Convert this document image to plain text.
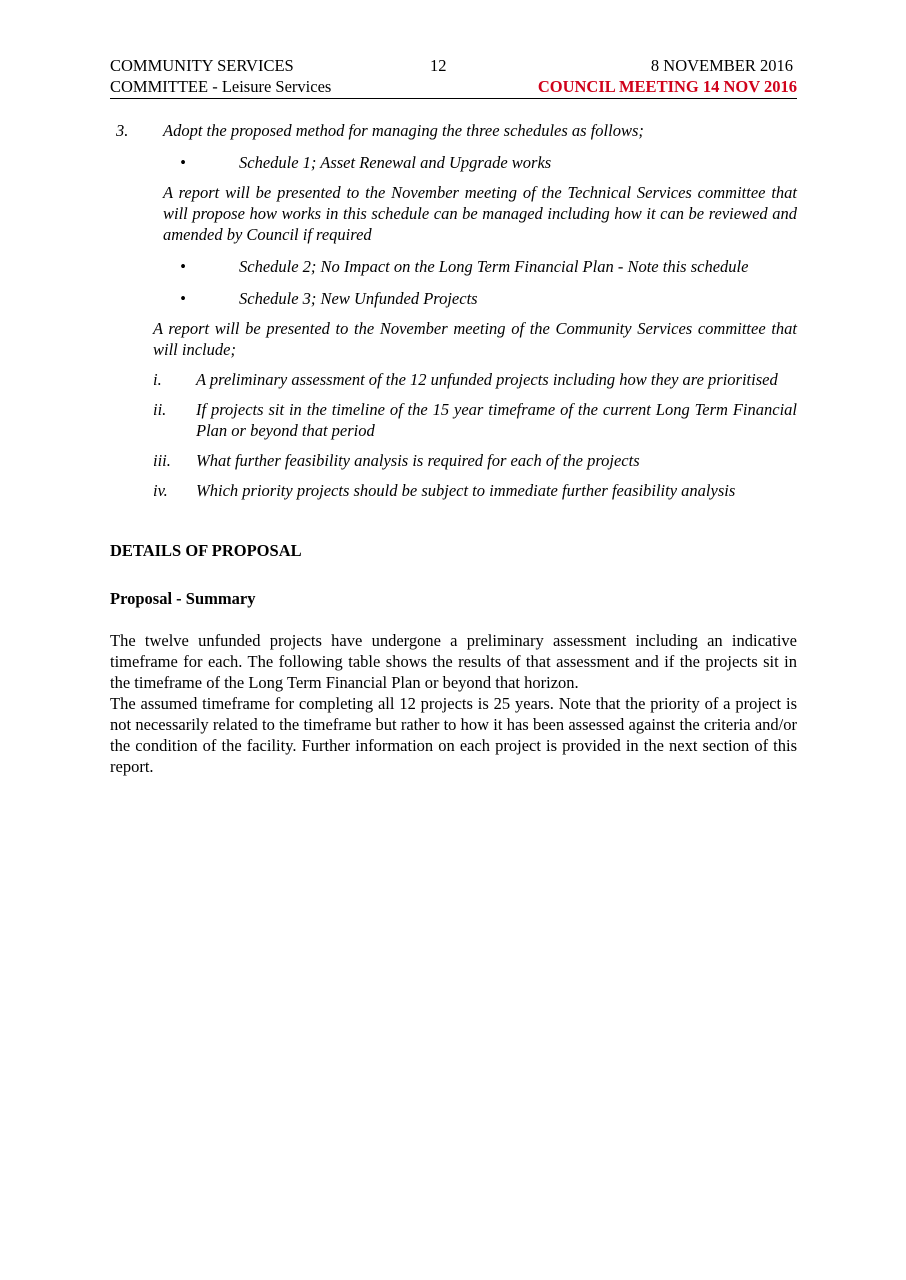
COMMUNITY SERVICES
COMMITTEE - Leisure Services
12	8 NOVEMBER 2016
COUNCIL MEETING 14 NOV 2016
3. Adopt the proposed method for managing the three schedules as follows;
•	Schedule 1; Asset Renewal and Upgrade works
A report will be presented to the November meeting of the Technical Services committee that will propose how works in this schedule can be managed including how it can be reviewed and amended by Council if required
•	Schedule 2; No Impact on the Long Term Financial Plan - Note this schedule
•	Schedule 3; New Unfunded Projects
A report will be presented to the November meeting of the Community Services committee that will include;
i. A preliminary assessment of the 12 unfunded projects including how they are prioritised
ii. If projects sit in the timeline of the 15 year timeframe of the current Long Term Financial Plan or beyond that period
iii. What further feasibility analysis is required for each of the projects
iv. Which priority projects should be subject to immediate further feasibility analysis
DETAILS OF PROPOSAL
Proposal - Summary
The twelve unfunded projects have undergone a preliminary assessment including an indicative timeframe for each. The following table shows the results of that assessment and if the projects sit in the timeframe of the Long Term Financial Plan or beyond that horizon.
The assumed timeframe for completing all 12 projects is 25 years. Note that the priority of a project is not necessarily related to the timeframe but rather to how it has been assessed against the criteria and/or the condition of the facility. Further information on each project is provided in the next section of this report.
